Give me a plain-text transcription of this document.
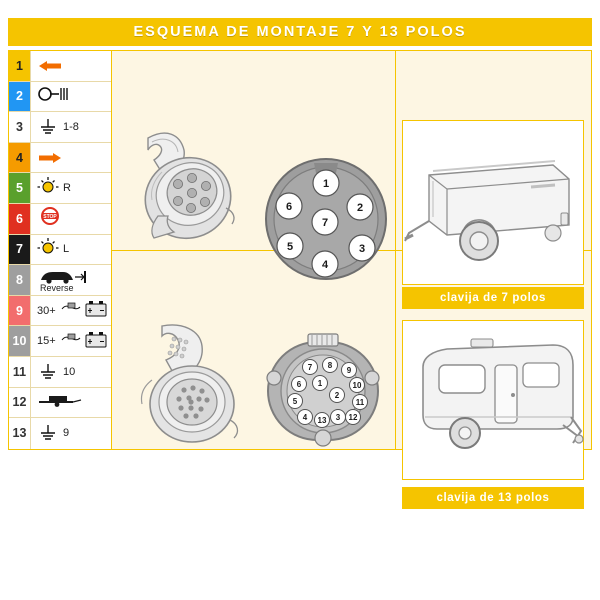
ESQUEMA DE MONTAJE 7 Y 13 POLOS
1
2
3	1-8
4
5	R
6	STOP
7	L
8
Reverse
9	30+
10 15+
11	10
12
13	9
1
2
3
4
5
6
7
clavija de 7 polos
7 8
9
6 1	10
5
2
11
4 13 3 12
clavija de 13 polos
